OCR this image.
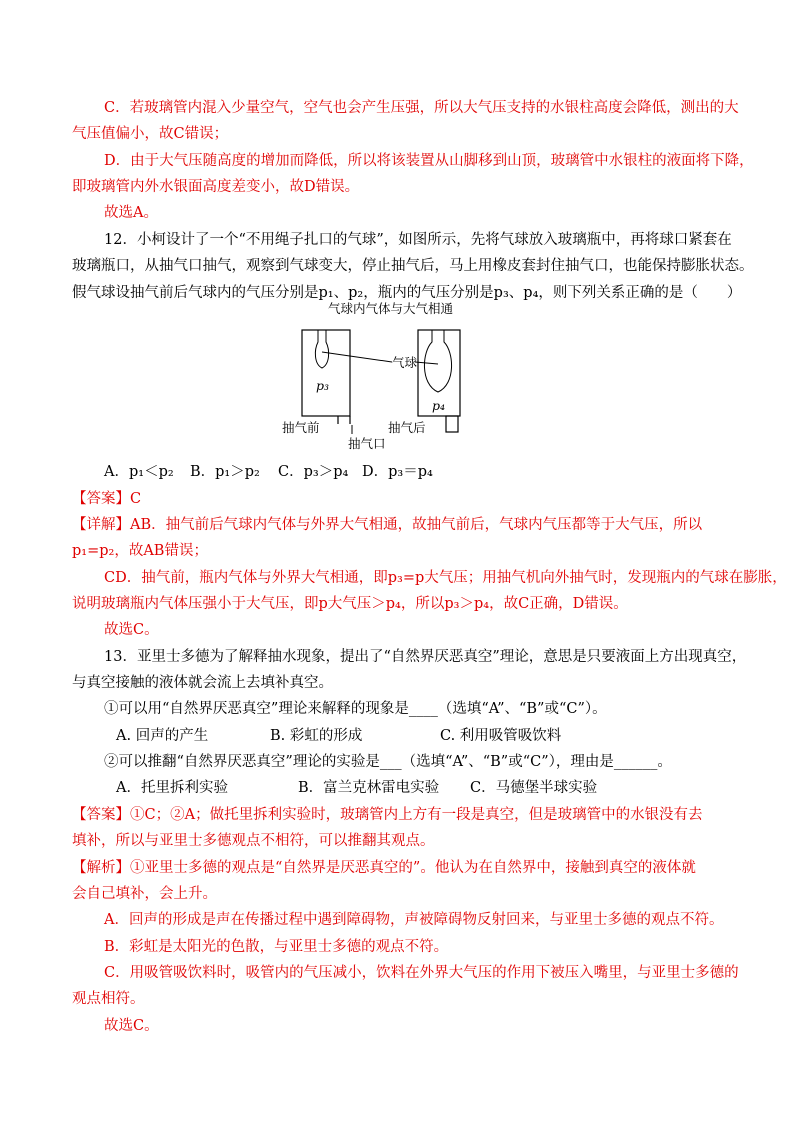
C．若玻璃管内混入少量空气，空气也会产生压强，所以大气压支持的水银柱高度会降低，测出的大
气压值偏小，故C错误；
D．由于大气压随高度的增加而降低，所以将该装置从山脚移到山顶，玻璃管中水银柱的液面将下降，
即玻璃管内外水银面高度差变小，故D错误。
故选A。
12．小柯设计了一个“不用绳子扎口的气球”，如图所示，先将气球放入玻璃瓶中，再将球口紧套在
玻璃瓶口，从抽气口抽气，观察到气球变大，停止抽气后，马上用橡皮套封住抽气口，也能保持膨胀状态。
假气球设抽气前后气球内的气压分别是p₁、p₂，瓶内的气压分别是p₃、p₄，则下列关系正确的是（　　）
气球内气体与大气相通
气球
p₃
p₄
抽气前	抽气后
抽气口
A．p₁＜p₂ B．p₁＞p₂ C．p₃＞p₄ D．p₃＝p₄
【答案】C
【详解】AB．抽气前后气球内气体与外界大气相通，故抽气前后，气球内气压都等于大气压，所以
p₁=p₂，故AB错误；
CD．抽气前，瓶内气体与外界大气相通，即p₃=p大气压；用抽气机向外抽气时，发现瓶内的气球在膨胀，
说明玻璃瓶内气体压强小于大气压，即p大气压＞p₄，所以p₃＞p₄，故C正确，D错误。
故选C。
13．亚里士多德为了解释抽水现象，提出了“自然界厌恶真空”理论，意思是只要液面上方出现真空，
与真空接触的液体就会流上去填补真空。
①可以用“自然界厌恶真空”理论来解释的现象是____（选填“A”、“B”或“C”）。
A. 回声的产生	B. 彩虹的形成	C. 利用吸管吸饮料
②可以推翻“自然界厌恶真空”理论的实验是___（选填“A”、“B”或“C”），理由是______。
A．托里拆利实验	B．富兰克林雷电实验 C．马德堡半球实验
【答案】①C；②A；做托里拆利实验时，玻璃管内上方有一段是真空，但是玻璃管中的水银没有去
填补，所以与亚里士多德观点不相符，可以推翻其观点。
【解析】①亚里士多德的观点是“自然界是厌恶真空的”。他认为在自然界中，接触到真空的液体就
会自己填补，会上升。
A．回声的形成是声在传播过程中遇到障碍物，声被障碍物反射回来，与亚里士多德的观点不符。
B．彩虹是太阳光的色散，与亚里士多德的观点不符。
C．用吸管吸饮料时，吸管内的气压减小，饮料在外界大气压的作用下被压入嘴里，与亚里士多德的
观点相符。
故选C。
